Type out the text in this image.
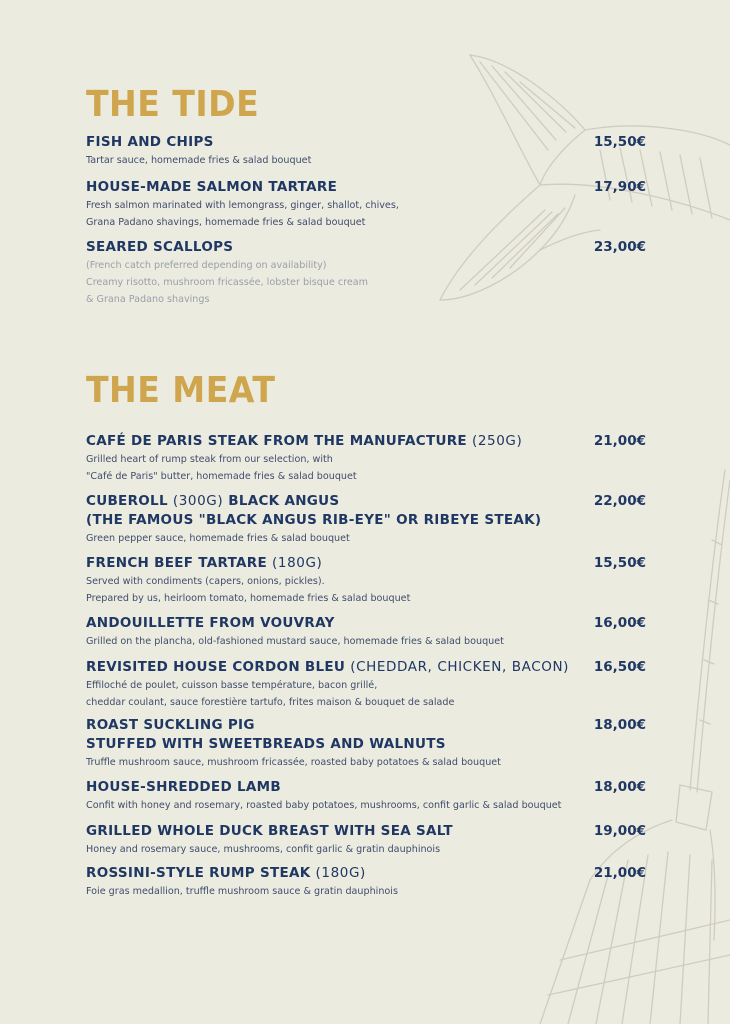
THE TIDE
FISH AND CHIPS	15,50€
Tartar sauce, homemade fries & salad bouquet
HOUSE-MADE SALMON TARTARE	17,90€
Fresh salmon marinated with lemongrass, ginger, shallot, chives,
Grana Padano shavings, homemade fries & salad bouquet
SEARED SCALLOPS	23,00€
(French catch preferred depending on availability)
Creamy risotto, mushroom fricassée, lobster bisque cream
& Grana Padano shavings
THE MEAT
CAFÉ DE PARIS STEAK FROM THE MANUFACTURE (250G)	21,00€
Grilled heart of rump steak from our selection, with
"Café de Paris" butter, homemade fries & salad bouquet
CUBEROLL (300G) BLACK ANGUS
(THE FAMOUS "BLACK ANGUS RIB-EYE" OR RIBEYE STEAK)
22,00€
Green pepper sauce, homemade fries & salad bouquet
FRENCH BEEF TARTARE (180G)	15,50€
Served with condiments (capers, onions, pickles).
Prepared by us, heirloom tomato, homemade fries & salad bouquet
ANDOUILLETTE FROM VOUVRAY	16,00€
Grilled on the plancha, old-fashioned mustard sauce, homemade fries & salad bouquet
REVISITED HOUSE CORDON BLEU (CHEDDAR, CHICKEN, BACON)	16,50€
Effiloché de poulet, cuisson basse température, bacon grillé,
cheddar coulant, sauce forestière tartufo, frites maison & bouquet de salade
ROAST SUCKLING PIG
STUFFED WITH SWEETBREADS AND WALNUTS
18,00€
Truffle mushroom sauce, mushroom fricassée, roasted baby potatoes & salad bouquet
HOUSE-SHREDDED LAMB	18,00€
Confit with honey and rosemary, roasted baby potatoes, mushrooms, confit garlic & salad bouquet
GRILLED WHOLE DUCK BREAST WITH SEA SALT	19,00€
Honey and rosemary sauce, mushrooms, confit garlic & gratin dauphinois
ROSSINI-STYLE RUMP STEAK (180G)	21,00€
Foie gras medallion, truffle mushroom sauce & gratin dauphinois
